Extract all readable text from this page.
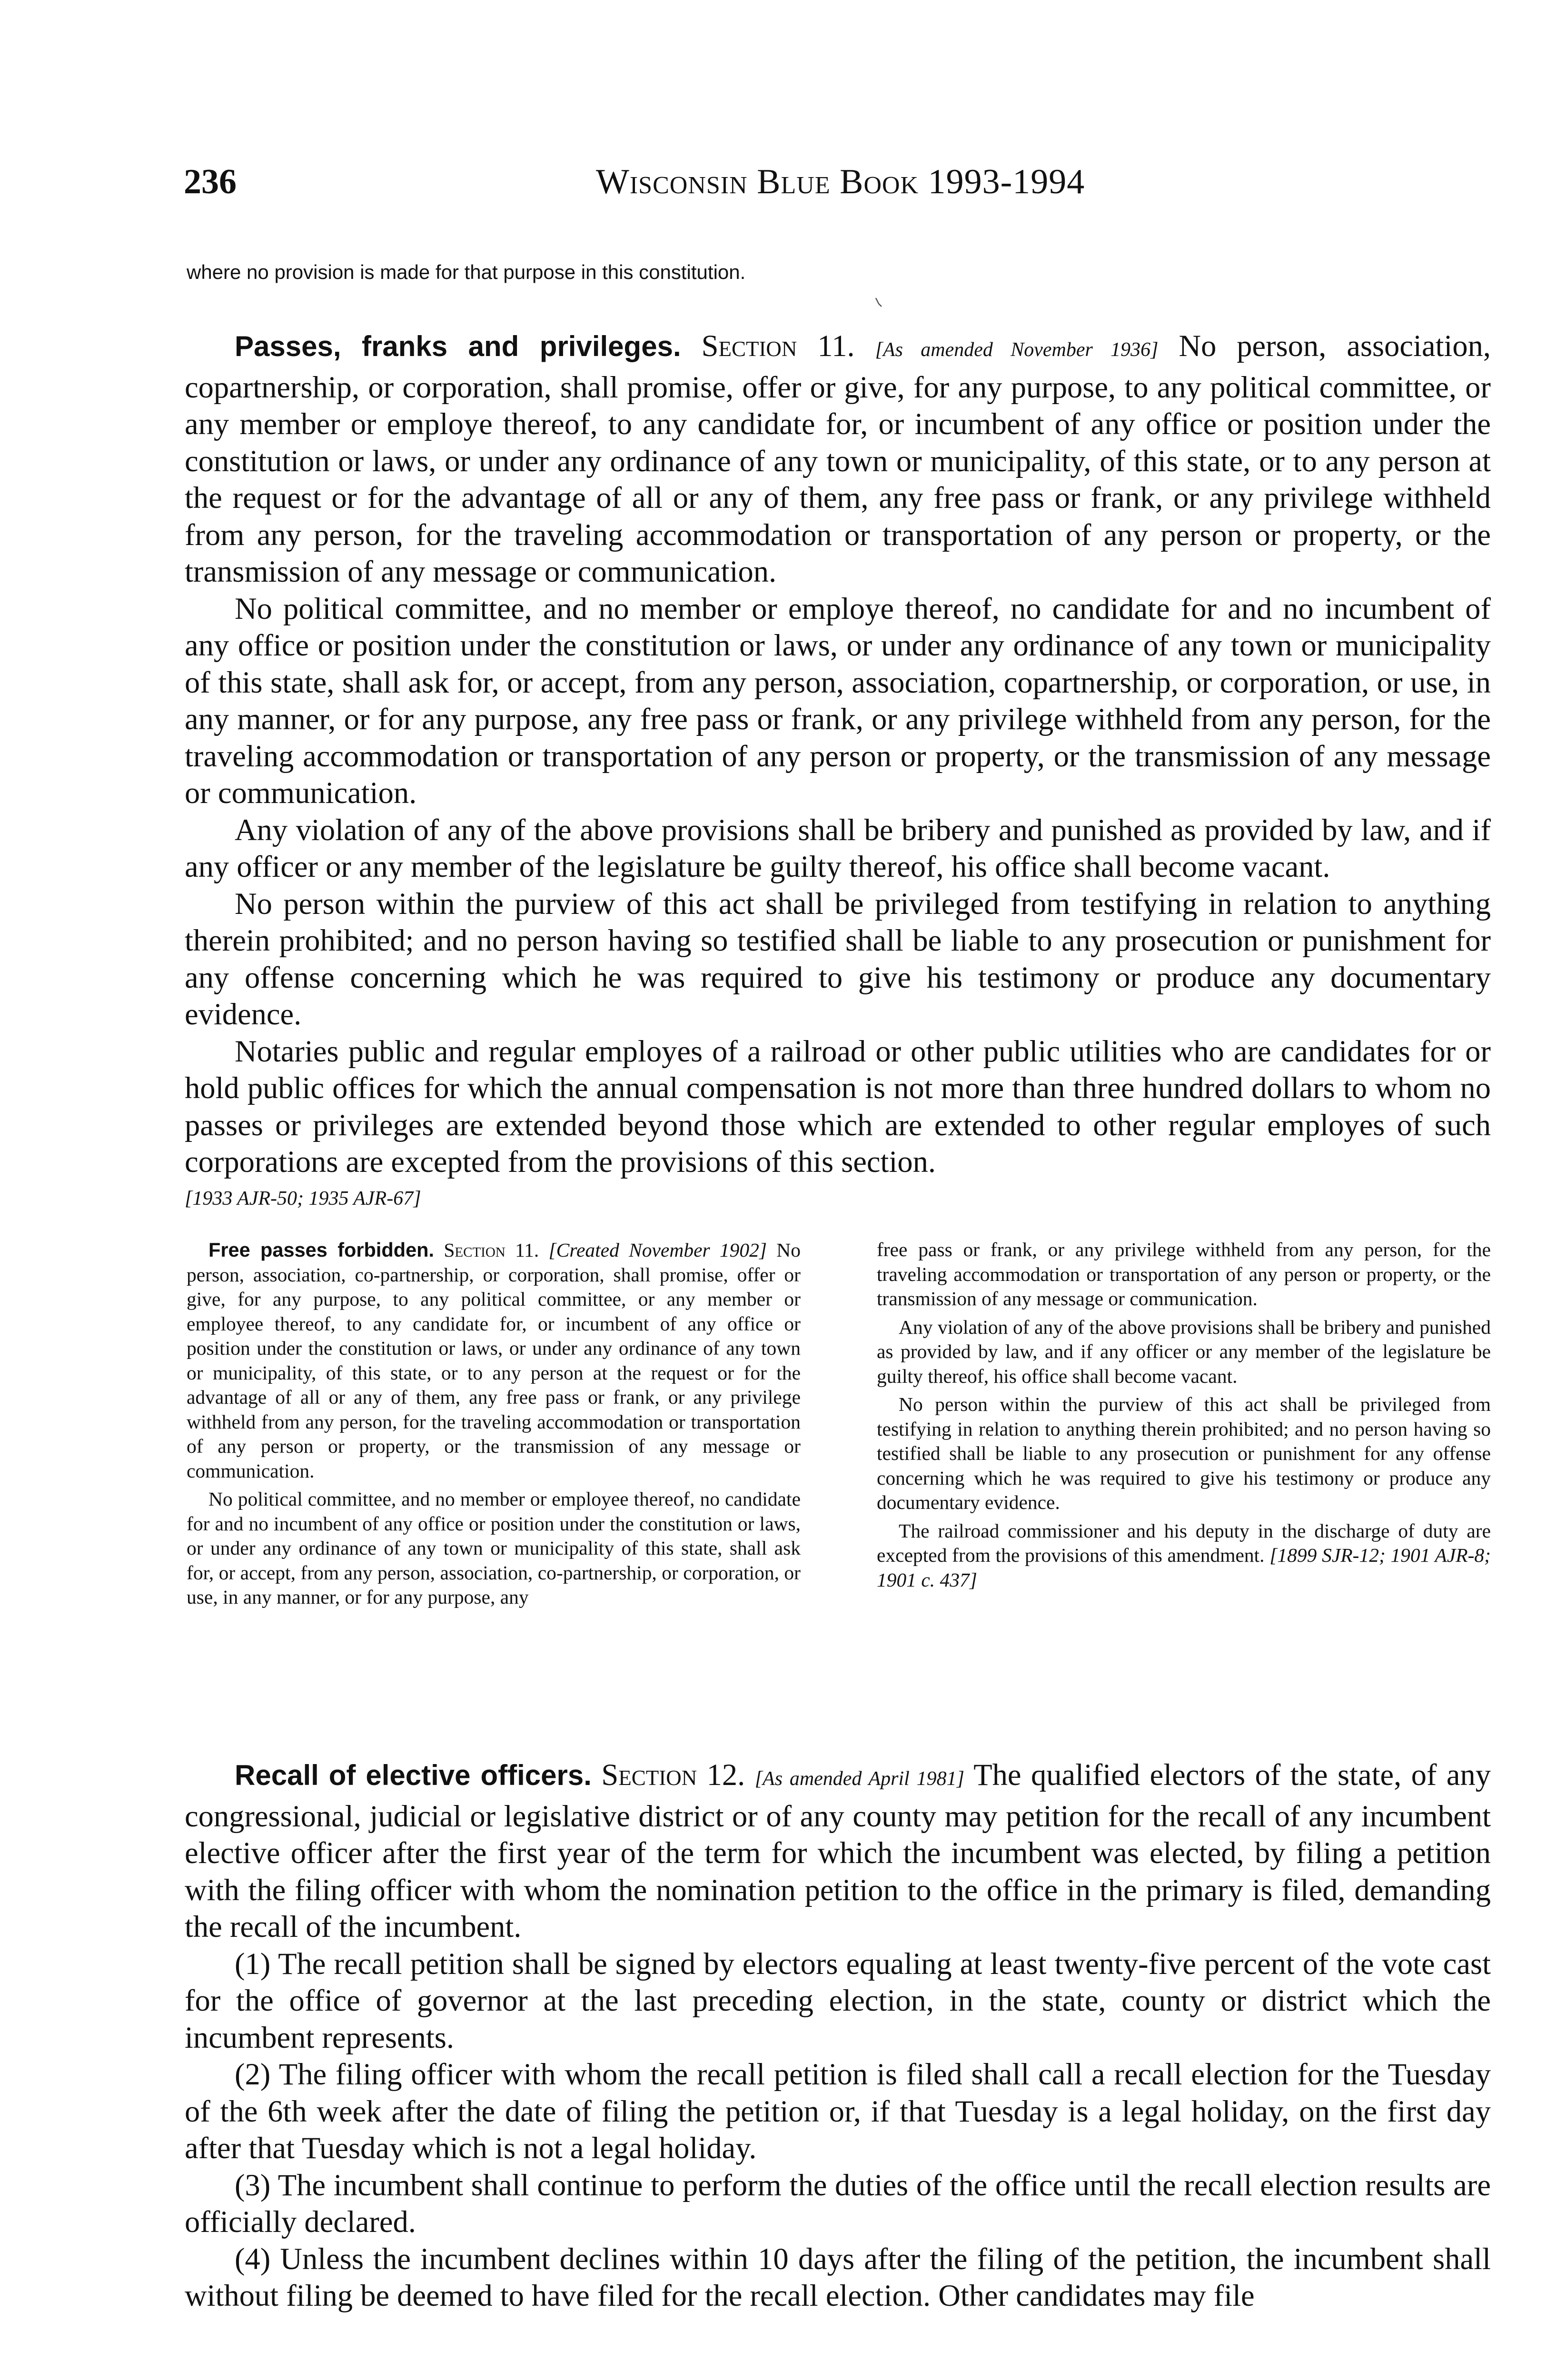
236	Wisconsin Blue Book 1993-1994
where no provision is made for that purpose in this constitution.

Passes, franks and privileges. Section 11. [As amended November 1936] No person, association, copartnership, or corporation, shall promise, offer or give, for any purpose, to any political committee, or any member or employe thereof, to any candidate for, or incumbent of any office or position under the constitution or laws, or under any ordinance of any town or municipality, of this state, or to any person at the request or for the advantage of all or any of them, any free pass or frank, or any privilege withheld from any person, for the traveling accommodation or transportation of any person or property, or the transmission of any message or communication.

No political committee, and no member or employe thereof, no candidate for and no incumbent of any office or position under the constitution or laws, or under any ordinance of any town or municipality of this state, shall ask for, or accept, from any person, association, copartnership, or corporation, or use, in any manner, or for any purpose, any free pass or frank, or any privilege withheld from any person, for the traveling accommodation or transportation of any person or property, or the transmission of any message or communication.

Any violation of any of the above provisions shall be bribery and punished as provided by law, and if any officer or any member of the legislature be guilty thereof, his office shall become vacant.

No person within the purview of this act shall be privileged from testifying in relation to anything therein prohibited; and no person having so testified shall be liable to any prosecution or punishment for any offense concerning which he was required to give his testimony or produce any documentary evidence.

Notaries public and regular employes of a railroad or other public utilities who are candidates for or hold public offices for which the annual compensation is not more than three hundred dollars to whom no passes or privileges are extended beyond those which are extended to other regular employes of such corporations are excepted from the provisions of this section.

[1933 AJR-50; 1935 AJR-67]

Free passes forbidden. Section 11. [Created November 1902] No person, association, co-partnership, or corporation, shall promise, offer or give, for any purpose, to any political committee, or any member or employee thereof, to any candidate for, or incumbent of any office or position under the constitution or laws, or under any ordinance of any town or municipality, of this state, or to any person at the request or for the advantage of all or any of them, any free pass or frank, or any privilege withheld from any person, for the traveling accommodation or transportation of any person or property, or the transmission of any message or communication.

No political committee, and no member or employee thereof, no candidate for and no incumbent of any office or position under the constitution or laws, or under any ordinance of any town or municipality of this state, shall ask for, or accept, from any person, association, co-partnership, or corporation, or use, in any manner, or for any purpose, any

free pass or frank, or any privilege withheld from any person, for the traveling accommodation or transportation of any person or property, or the transmission of any message or communication.

Any violation of any of the above provisions shall be bribery and punished as provided by law, and if any officer or any member of the legislature be guilty thereof, his office shall become vacant.

No person within the purview of this act shall be privileged from testifying in relation to anything therein prohibited; and no person having so testified shall be liable to any prosecution or punishment for any offense concerning which he was required to give his testimony or produce any documentary evidence.

The railroad commissioner and his deputy in the discharge of duty are excepted from the provisions of this amendment. [1899 SJR-12; 1901 AJR-8; 1901 c. 437]

Recall of elective officers. Section 12. [As amended April 1981] The qualified electors of the state, of any congressional, judicial or legislative district or of any county may petition for the recall of any incumbent elective officer after the first year of the term for which the incumbent was elected, by filing a petition with the filing officer with whom the nomination petition to the office in the primary is filed, demanding the recall of the incumbent.

(1) The recall petition shall be signed by electors equaling at least twenty-five percent of the vote cast for the office of governor at the last preceding election, in the state, county or district which the incumbent represents.

(2) The filing officer with whom the recall petition is filed shall call a recall election for the Tuesday of the 6th week after the date of filing the petition or, if that Tuesday is a legal holiday, on the first day after that Tuesday which is not a legal holiday.

(3) The incumbent shall continue to perform the duties of the office until the recall election results are officially declared.

(4) Unless the incumbent declines within 10 days after the filing of the petition, the incumbent shall without filing be deemed to have filed for the recall election. Other candidates may file
